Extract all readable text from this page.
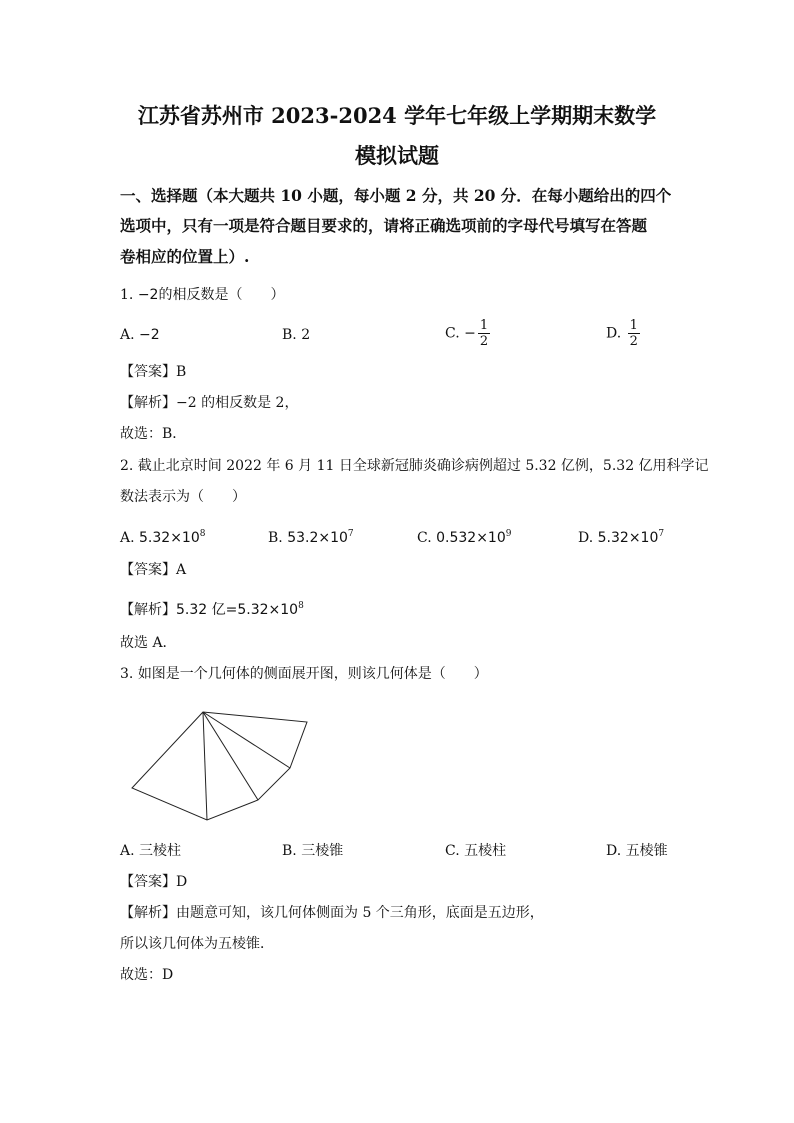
江苏省苏州市 2023-2024 学年七年级上学期期末数学
模拟试题
一、选择题（本大题共 10 小题，每小题 2 分，共 20 分．在每小题给出的四个
选项中，只有一项是符合题目要求的，请将正确选项前的字母代号填写在答题
卷相应的位置上）.
1. −2的相反数是（　　）
A. −2	B. 2	C. − $\frac{1}{2}$	D. $\frac{1}{2}$
【答案】B
【解析】−2 的相反数是 2，
故选：B．
2. 截止北京时间 2022 年 6 月 11 日全球新冠肺炎确诊病例超过 5.32 亿例，5.32 亿用科学记
数法表示为（　　）
A. $5.32\times 10^8$	B. $53.2\times 10^7$	C. $0.532\times 10^9$	D. $5.32\times 10^7$
【答案】A
【解析】5.32 亿$=5.32\times 10^8$
故选 A．
3. 如图是一个几何体的侧面展开图，则该几何体是（　　）
A. 三棱柱	B. 三棱锥	C. 五棱柱	D. 五棱锥
【答案】D
【解析】由题意可知，该几何体侧面为 5 个三角形，底面是五边形，
所以该几何体为五棱锥．
故选：D
